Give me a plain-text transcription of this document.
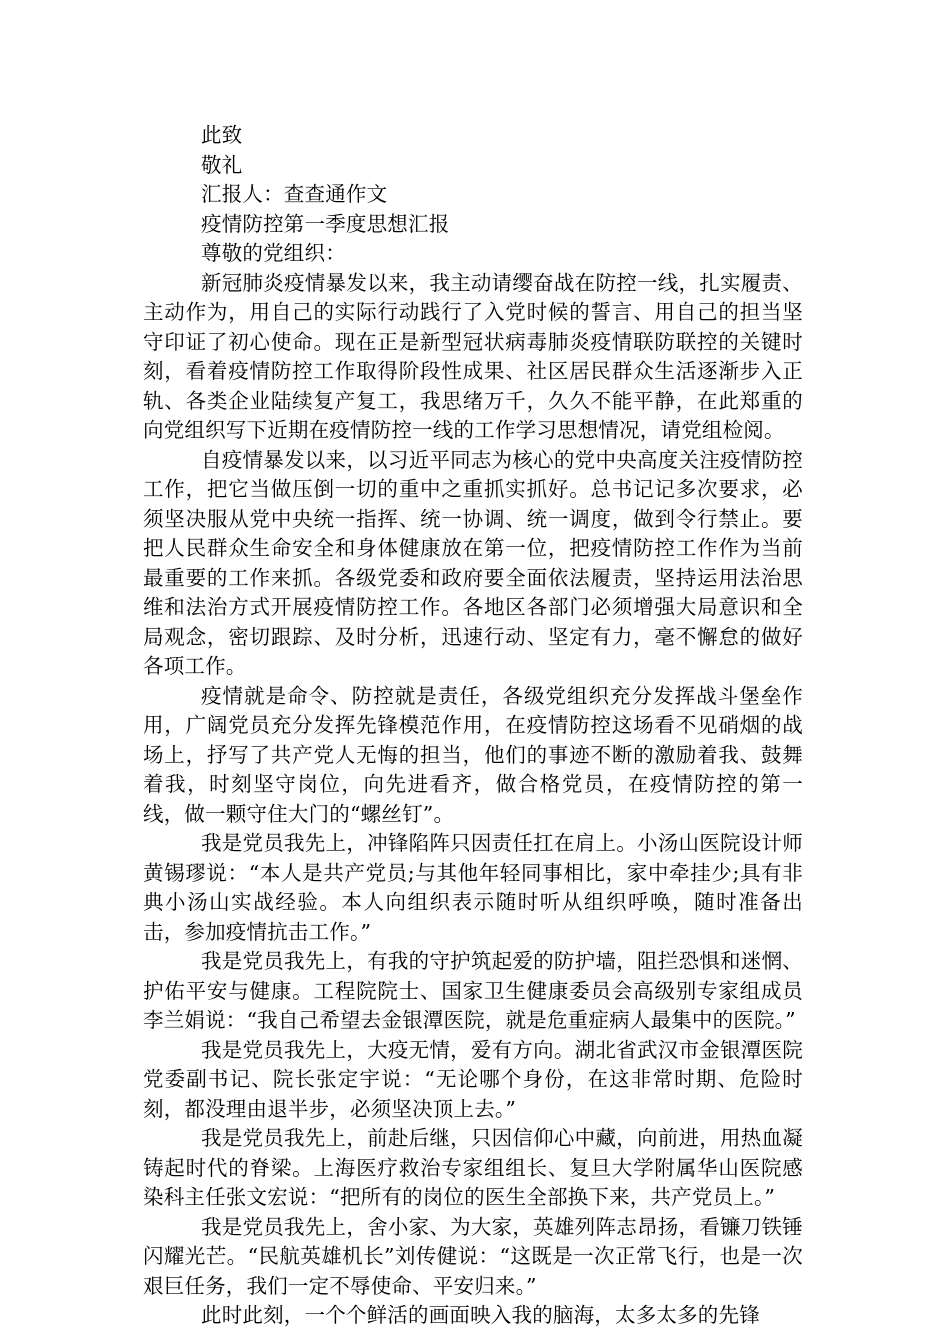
此致

敬礼

汇报人：查查通作文

疫情防控第一季度思想汇报

尊敬的党组织：

新冠肺炎疫情暴发以来，我主动请缨奋战在防控一线，扎实履责、主动作为，用自己的实际行动践行了入党时候的誓言、用自己的担当坚守印证了初心使命。现在正是新型冠状病毒肺炎疫情联防联控的关键时刻，看着疫情防控工作取得阶段性成果、社区居民群众生活逐渐步入正轨、各类企业陆续复产复工，我思绪万千，久久不能平静，在此郑重的向党组织写下近期在疫情防控一线的工作学习思想情况，请党组检阅。

自疫情暴发以来，以习近平同志为核心的党中央高度关注疫情防控工作，把它当做压倒一切的重中之重抓实抓好。总书记记多次要求，必须坚决服从党中央统一指挥、统一协调、统一调度，做到令行禁止。要把人民群众生命安全和身体健康放在第一位，把疫情防控工作作为当前最重要的工作来抓。各级党委和政府要全面依法履责，坚持运用法治思维和法治方式开展疫情防控工作。各地区各部门必须增强大局意识和全局观念，密切跟踪、及时分析，迅速行动、坚定有力，毫不懈怠的做好各项工作。

疫情就是命令、防控就是责任，各级党组织充分发挥战斗堡垒作用，广阔党员充分发挥先锋模范作用，在疫情防控这场看不见硝烟的战场上，抒写了共产党人无悔的担当，他们的事迹不断的激励着我、鼓舞着我，时刻坚守岗位，向先进看齐，做合格党员，在疫情防控的第一线，做一颗守住大门的“螺丝钉”。

我是党员我先上，冲锋陷阵只因责任扛在肩上。小汤山医院设计师黄锡璆说：“本人是共产党员;与其他年轻同事相比，家中牵挂少;具有非典小汤山实战经验。本人向组织表示随时听从组织呼唤，随时准备出击，参加疫情抗击工作。”

我是党员我先上，有我的守护筑起爱的防护墙，阻拦恐惧和迷惘、护佑平安与健康。工程院院士、国家卫生健康委员会高级别专家组成员李兰娟说：“我自己希望去金银潭医院，就是危重症病人最集中的医院。”

我是党员我先上，大疫无情，爱有方向。湖北省武汉市金银潭医院党委副书记、院长张定宇说：“无论哪个身份，在这非常时期、危险时刻，都没理由退半步，必须坚决顶上去。”

我是党员我先上，前赴后继，只因信仰心中藏，向前进，用热血凝铸起时代的脊梁。上海医疗救治专家组组长、复旦大学附属华山医院感染科主任张文宏说：“把所有的岗位的医生全部换下来，共产党员上。”

我是党员我先上，舍小家、为大家，英雄列阵志昂扬，看镰刀铁锤闪耀光芒。“民航英雄机长”刘传健说：“这既是一次正常飞行，也是一次艰巨任务，我们一定不辱使命、平安归来。”

此时此刻，一个个鲜活的画面映入我的脑海，太多太多的先锋
